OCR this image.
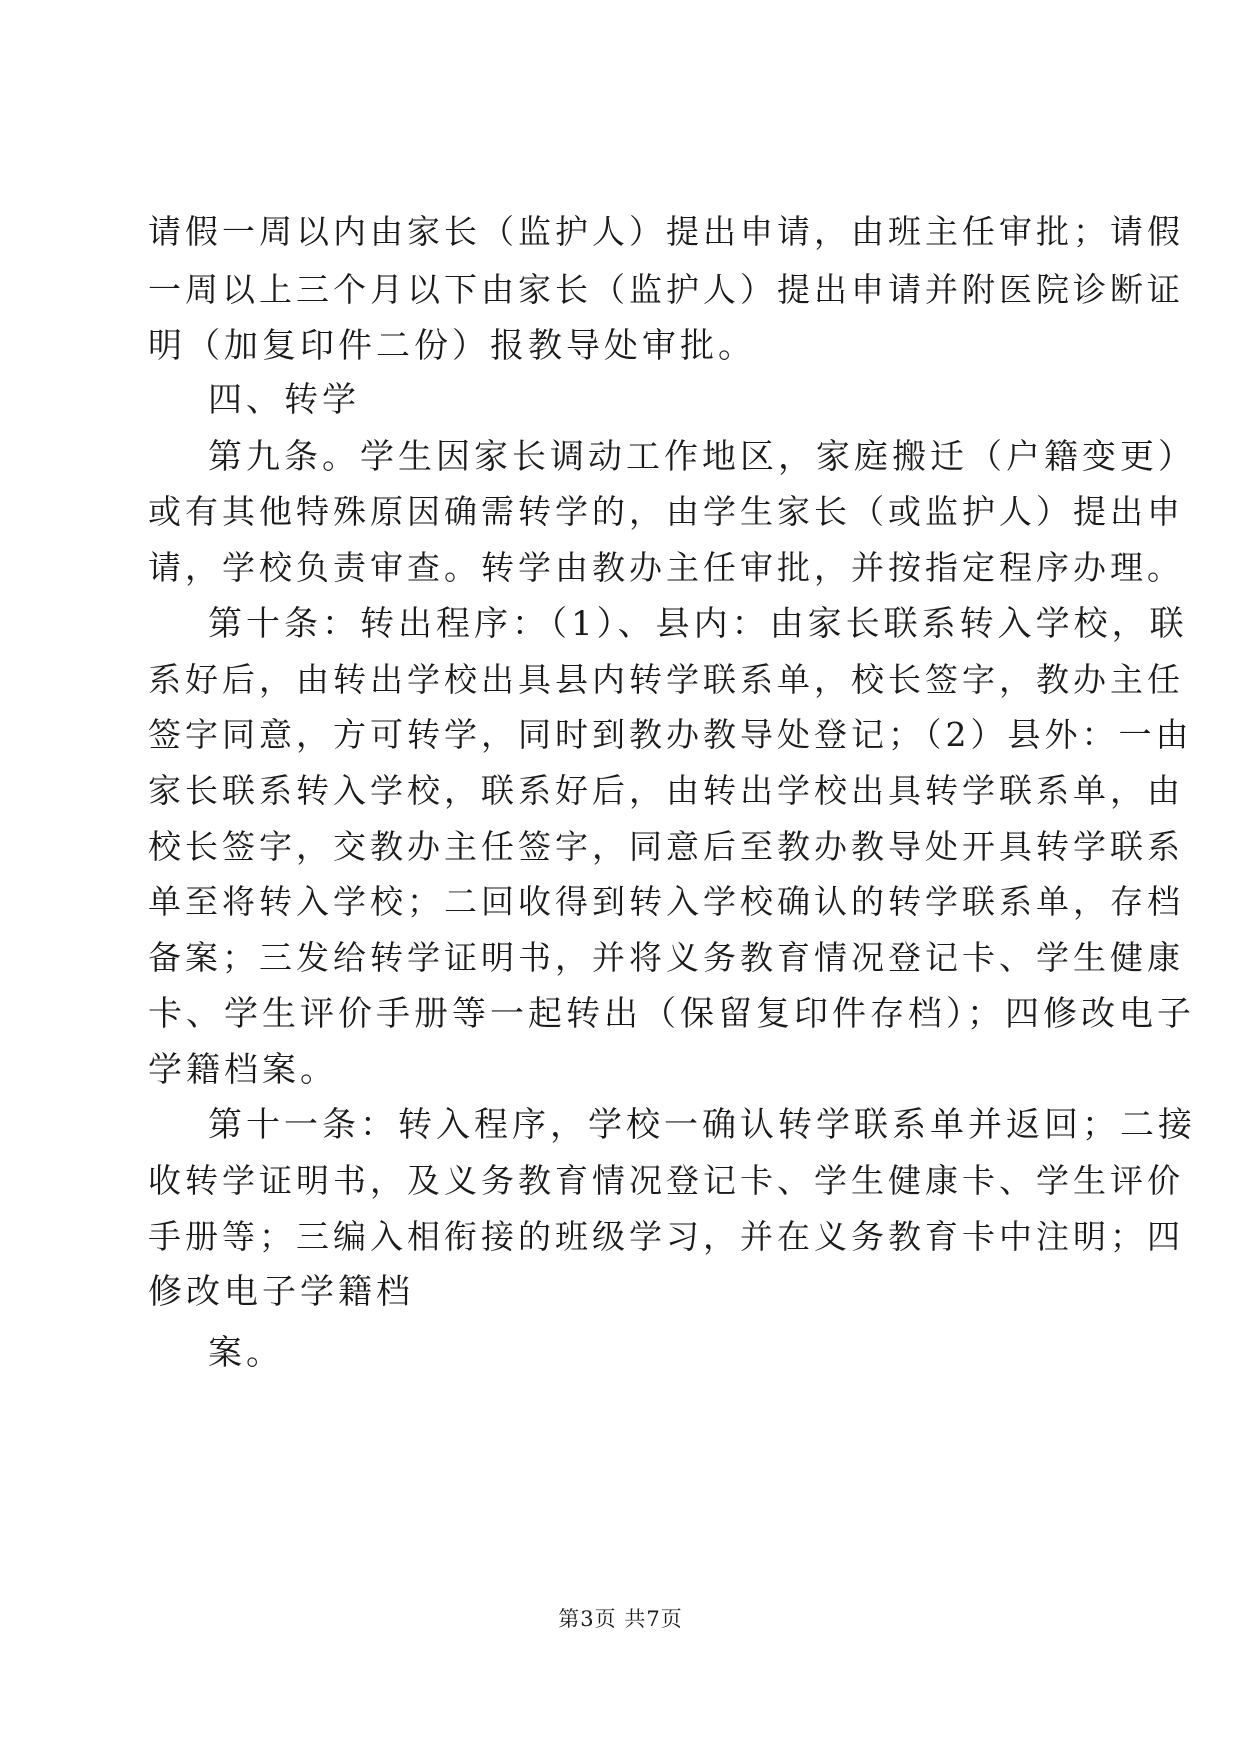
请假一周以内由家长（监护人）提出申请，由班主任审批；请假

一周以上三个月以下由家长（监护人）提出申请并附医院诊断证

明（加复印件二份）报教导处审批。

四、转学

第九条。学生因家长调动工作地区，家庭搬迁（户籍变更）

或有其他特殊原因确需转学的，由学生家长（或监护人）提出申

请，学校负责审查。转学由教办主任审批，并按指定程序办理。

第十条：转出程序：（1）、县内：由家长联系转入学校，联

系好后，由转出学校出具县内转学联系单，校长签字，教办主任

签字同意，方可转学，同时到教办教导处登记；（2）县外：一由

家长联系转入学校，联系好后，由转出学校出具转学联系单，由

校长签字，交教办主任签字，同意后至教办教导处开具转学联系

单至将转入学校；二回收得到转入学校确认的转学联系单，存档

备案；三发给转学证明书，并将义务教育情况登记卡、学生健康

卡、学生评价手册等一起转出（保留复印件存档）；四修改电子

学籍档案。

第十一条：转入程序，学校一确认转学联系单并返回；二接

收转学证明书，及义务教育情况登记卡、学生健康卡、学生评价

手册等；三编入相衔接的班级学习，并在义务教育卡中注明；四

修改电子学籍档

案。

第3页 共7页
